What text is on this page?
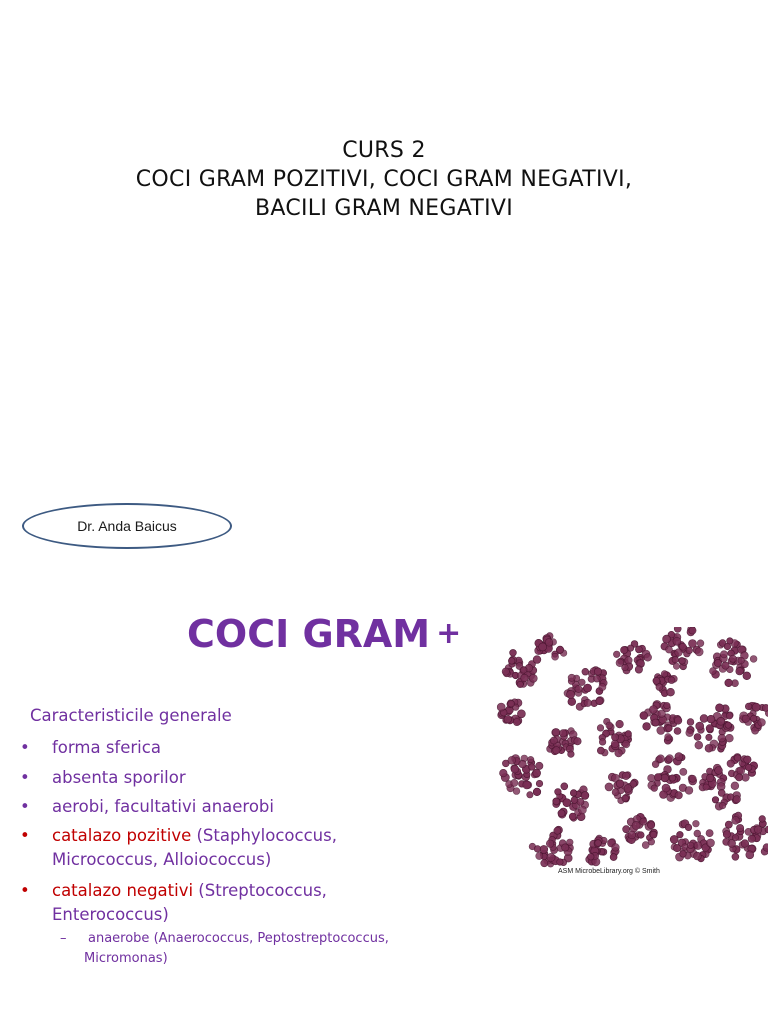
CURS 2
COCI GRAM POZITIVI, COCI GRAM NEGATIVI,
BACILI GRAM NEGATIVI
Dr. Anda Baicus
COCI GRAM +
ASM MicrobeLibrary.org © Smith
Caracteristicile generale
•	forma sferica
•	absenta sporilor
•	aerobi, facultativi anaerobi
•	catalazo pozitive (Staphylococcus,
Micrococcus, Alloiococcus)
•	catalazo negativi (Streptococcus,
Enterococcus)
– anaerobe (Anaerococcus, Peptostreptococcus,
Micromonas)
